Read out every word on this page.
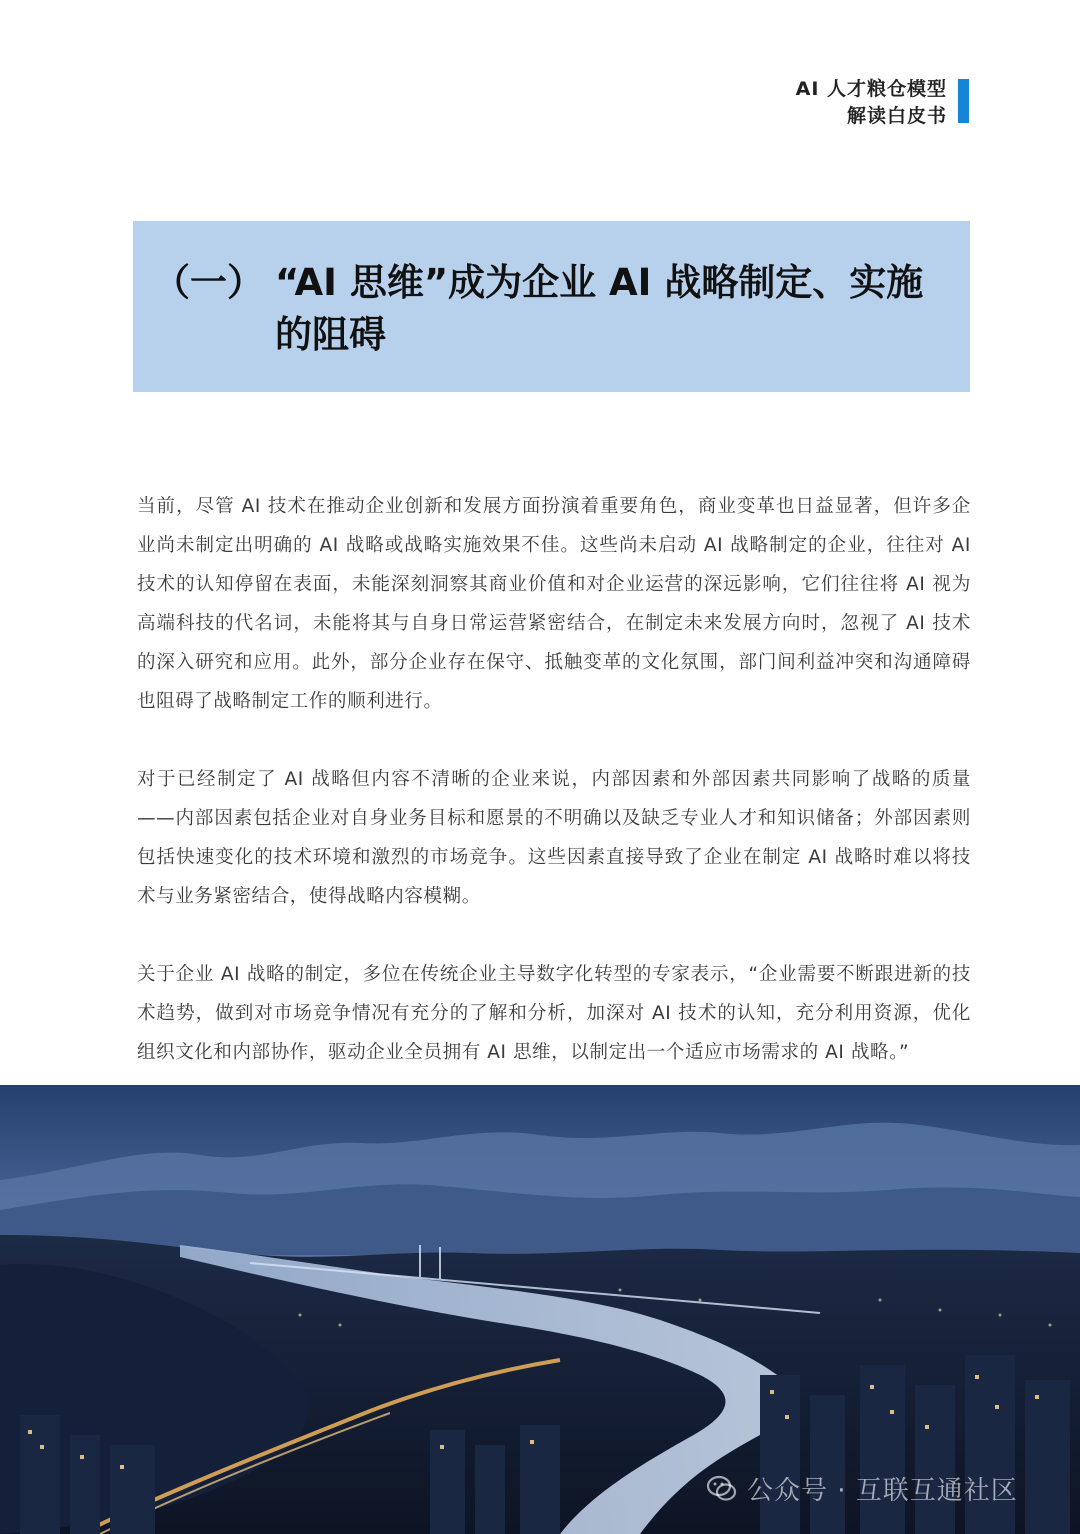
AI 人才粮仓模型
解读白皮书
（一） “AI 思维”成为企业 AI 战略制定、实施的阻碍

当前，尽管 AI 技术在推动企业创新和发展方面扮演着重要角色，商业变革也日益显著，但许多企业尚未制定出明确的 AI 战略或战略实施效果不佳。这些尚未启动 AI 战略制定的企业，往往对 AI 技术的认知停留在表面，未能深刻洞察其商业价值和对企业运营的深远影响，它们往往将 AI 视为高端科技的代名词，未能将其与自身日常运营紧密结合，在制定未来发展方向时，忽视了 AI 技术的深入研究和应用。此外，部分企业存在保守、抵触变革的文化氛围，部门间利益冲突和沟通障碍也阻碍了战略制定工作的顺利进行。

对于已经制定了 AI 战略但内容不清晰的企业来说，内部因素和外部因素共同影响了战略的质量——内部因素包括企业对自身业务目标和愿景的不明确以及缺乏专业人才和知识储备；外部因素则包括快速变化的技术环境和激烈的市场竞争。这些因素直接导致了企业在制定 AI 战略时难以将技术与业务紧密结合，使得战略内容模糊。

关于企业 AI 战略的制定，多位在传统企业主导数字化转型的专家表示，“企业需要不断跟进新的技术趋势，做到对市场竞争情况有充分的了解和分析，加深对 AI 技术的认知，充分利用资源，优化组织文化和内部协作，驱动企业全员拥有 AI 思维，以制定出一个适应市场需求的 AI 战略。”

公众号 · 互联互通社区
